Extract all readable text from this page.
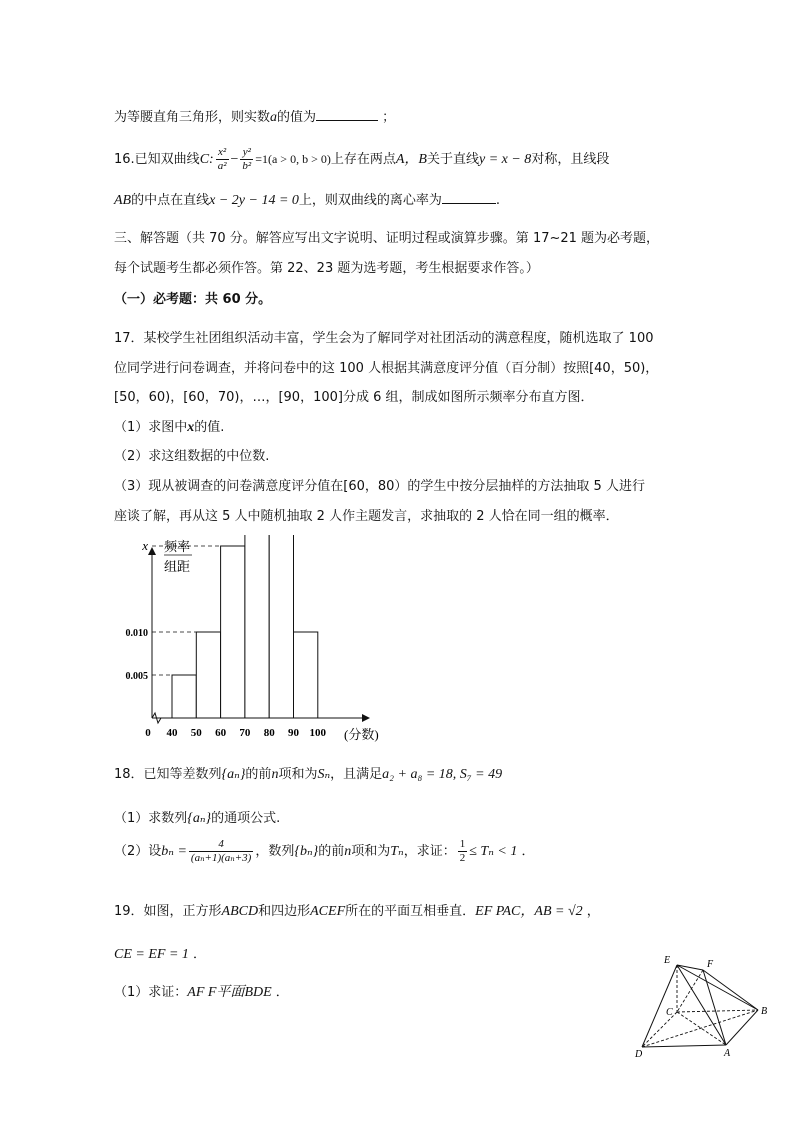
为等腰直角三角形，则实数a的值为	；
16.已知双曲线C: $\frac{\text{x²}}{\text{a²}} - \frac{\text{y²}}{\text{b²}} =1(a > 0$, b > 0)上存在两点A，B关于直线y = x − 8对称，且线段
AB的中点在直线x − 2y − 14 = 0上，则双曲线的离心率为	.
三、解答题（共 70 分。解答应写出文字说明、证明过程或演算步骤。第 17~21 题为必考题，
每个试题考生都必须作答。第 22、23 题为选考题，考生根据要求作答。）
（一）必考题：共 60 分。
17．某校学生社团组织活动丰富，学生会为了解同学对社团活动的满意程度，随机选取了 100
位同学进行问卷调查，并将问卷中的这 100 人根据其满意度评分值（百分制）按照[40，50)，
[50，60)，[60，70)，…，[90，100]分成 6 组，制成如图所示频率分布直方图．
（1）求图中x的值.
（2）求这组数据的中位数.
（3）现从被调查的问卷满意度评分值在[60，80）的学生中按分层抽样的方法抽取 5 人进行
座谈了解，再从这 5 人中随机抽取 2 人作主题发言，求抽取的 2 人恰在同一组的概率．
频率
组距
0	(分数)
0.005
0.010
x
40 50 60 70 80 90 100
18．已知等差数列{aₙ}的前n项和为Sₙ，且满足a₂ + a₈ = 18, S₇ = 49
（1）求数列{aₙ}的通项公式.
（2）设$b_n = \frac{4}{\text{(aₙ+1)(aₙ+3)}}$ ，数列{bₙ}的前n项和为Tₙ，求证： $\frac{1}{2} \le T_n < 1$ ．
19．如图，正方形ABCD和四边形ACEF所在的平面互相垂直．EF PAC，AB = √2 ，
CE = EF = 1 ．
（1）求证：AF F平面BDE ．
E	F
C	B
D	A
